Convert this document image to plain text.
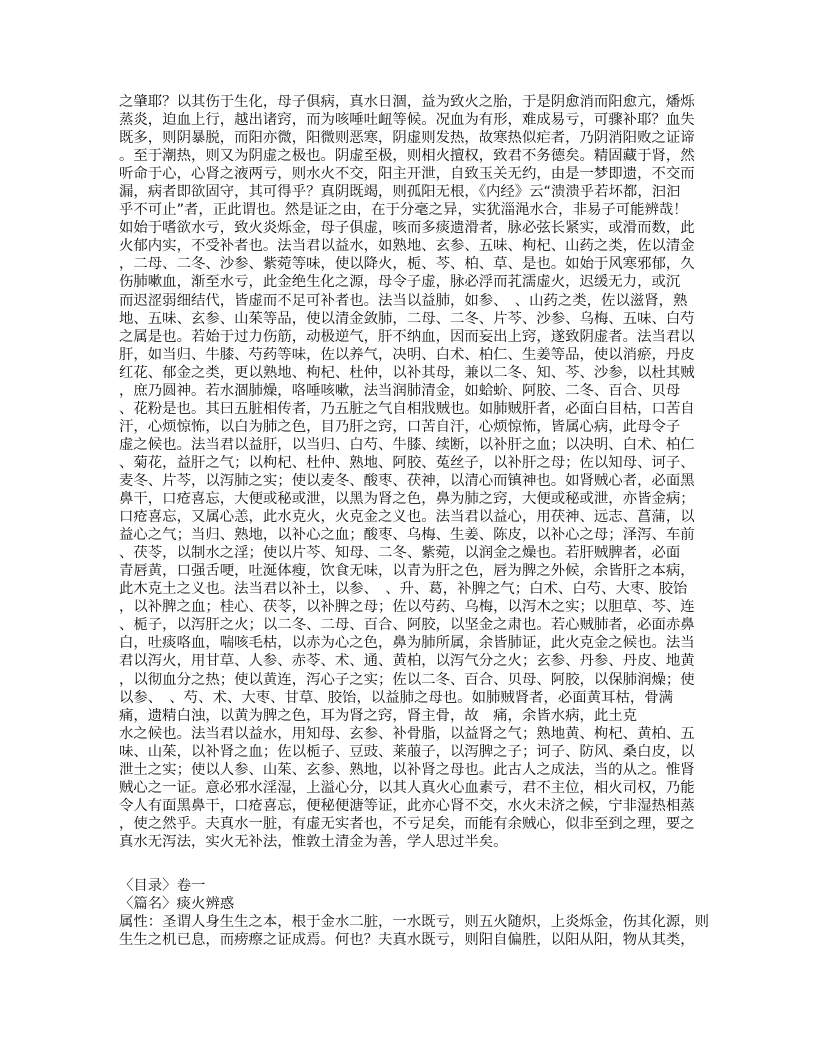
之肇耶？以其伤于生化，母子俱病，真水日涸，益为致火之胎，于是阴愈消而阳愈亢，燔烁
蒸炎，迫血上行，越出诸窍，而为咳唾吐衄等候。况血为有形，难成易亏，可骤补耶？血失
既多，则阴暴脱，而阳亦微，阳微则恶寒，阴虚则发热，故寒热似疟者，乃阴消阳败之证谛
。至于潮热，则又为阴虚之极也。阴虚至极，则相火擅权，致君不务德矣。精固藏于肾，然
听命于心，心肾之液两亏，则水火不交，阳主开泄，自致玉关无约，由是一梦即遗，不交而
漏，病者即欲固守，其可得乎？真阴既竭，则孤阳无根，《内经》云“溃溃乎若坏都，汩汩
乎不可止”者，正此谓也。然是证之由，在于分毫之异，实犹淄渑水合，非易子可能辨哉！
如始于嗜欲水亏，致火炎烁金，母子俱虚，咳而多痰遗滑者，脉必弦长紧实，或滑而数，此
火郁内实，不受补者也。法当君以益水，如熟地、玄参、五味、枸杞、山药之类，佐以清金
，二母、二冬、沙参、紫菀等味，使以降火，栀、芩、柏、草、是也。如始于风寒邪郁，久
伤肺嗽血，渐至水亏，此金绝生化之源，母令子虚，脉必浮而芤濡虚火，迟缓无力，或沉
而迟涩弱细结代，皆虚而不足可补者也。法当以益肺，如参、　、山药之类，佐以滋肾，熟
地、五味、玄参、山茱等品，使以清金敛肺，二母、二冬、片芩、沙参、乌梅、五味、白芍
之属是也。若始于过力伤筋，动极逆气，肝不纳血，因而妄出上窍，遂致阴虚者。法当君以
肝，如当归、牛膝、芍药等味，佐以养气，决明、白术、柏仁、生姜等品，使以消瘀，丹皮
红花、郁金之类，更以熟地、枸杞、杜仲，以补其母，兼以二冬、知、芩、沙参，以杜其贼
，庶乃圆神。若水涸肺燥，咯唾咳嗽，法当润肺清金，如蛤蚧、阿胶、二冬、百合、贝母
、花粉是也。其曰五脏相传者，乃五脏之气自相戕贼也。如肺贼肝者，必面白目枯，口苦自
汗，心烦惊怖，以白为肺之色，目乃肝之窍，口苦自汗，心烦惊怖，皆属心病，此母令子
虚之候也。法当君以益肝，以当归、白芍、牛膝、续断，以补肝之血；以决明、白术、柏仁
、菊花，益肝之气；以枸杞、杜仲、熟地、阿胶、菟丝子，以补肝之母；佐以知母、诃子、
麦冬、片芩，以泻肺之实；使以麦冬、酸枣、茯神，以清心而镇神也。如肾贼心者，必面黑
鼻干，口疮喜忘，大便或秘或泄，以黑为肾之色，鼻为肺之窍，大便或秘或泄，亦皆金病；
口疮喜忘，又属心恙，此水克火，火克金之义也。法当君以益心，用茯神、远志、菖蒲，以
益心之气；当归、熟地，以补心之血；酸枣、乌梅、生姜、陈皮，以补心之母；泽泻、车前
、茯苓，以制水之淫；使以片芩、知母、二冬、紫菀，以润金之燥也。若肝贼脾者，必面
青唇黄，口强舌哽，吐涎体瘦，饮食无味，以青为肝之色，唇为脾之外候，余皆肝之本病，
此木克土之义也。法当君以补土，以参、　、升、葛，补脾之气；白术、白芍、大枣、胶饴
，以补脾之血；桂心、茯苓，以补脾之母；佐以芍药、乌梅，以泻木之实；以胆草、芩、连
、栀子，以泻肝之火；以二冬、二母、百合、阿胶，以坚金之肃也。若心贼肺者，必面赤鼻
白，吐痰咯血，喘咳毛枯，以赤为心之色，鼻为肺所属，余皆肺证，此火克金之候也。法当
君以泻火，用甘草、人参、赤苓、术、通、黄柏，以泻气分之火；玄参、丹参、丹皮、地黄
，以彻血分之热；使以黄连，泻心子之实；佐以二冬、百合、贝母、阿胶，以保肺润燥；使
以参、　、芍、术、大枣、甘草、胶饴，以益肺之母也。如肺贼肾者，必面黄耳枯，骨满
痛，遗精白浊，以黄为脾之色，耳为肾之窍，肾主骨，故　痛，余皆水病，此土克
水之候也。法当君以益水，用知母、玄参、补骨脂，以益肾之气；熟地黄、枸杞、黄柏、五
味、山茱，以补肾之血；佐以栀子、豆豉、莱菔子，以泻脾之子；诃子、防风、桑白皮，以
泄土之实；使以人参、山茱、玄参、熟地，以补肾之母也。此古人之成法，当的从之。惟肾
贼心之一证。意必邪水淫湿，上溢心分，以其人真火心血素亏，君不主位，相火司权，乃能
令人有面黑鼻干，口疮喜忘，便秘便溏等证，此亦心肾不交，水火未济之候，宁非湿热相蒸
，使之然乎。夫真水一脏，有虚无实者也，不亏足矣，而能有余贼心，似非至到之理，要之
真水无泻法，实火无补法，惟敦土清金为善，学人思过半矣。
〈目录〉卷一
〈篇名〉痰火辨惑
属性：圣谓人身生生之本，根于金水二脏，一水既亏，则五火随炽，上炎烁金，伤其化源，则
生生之机已息，而痨瘵之证成焉。何也？夫真水既亏，则阳自偏胜，以阳从阳，物从其类，
